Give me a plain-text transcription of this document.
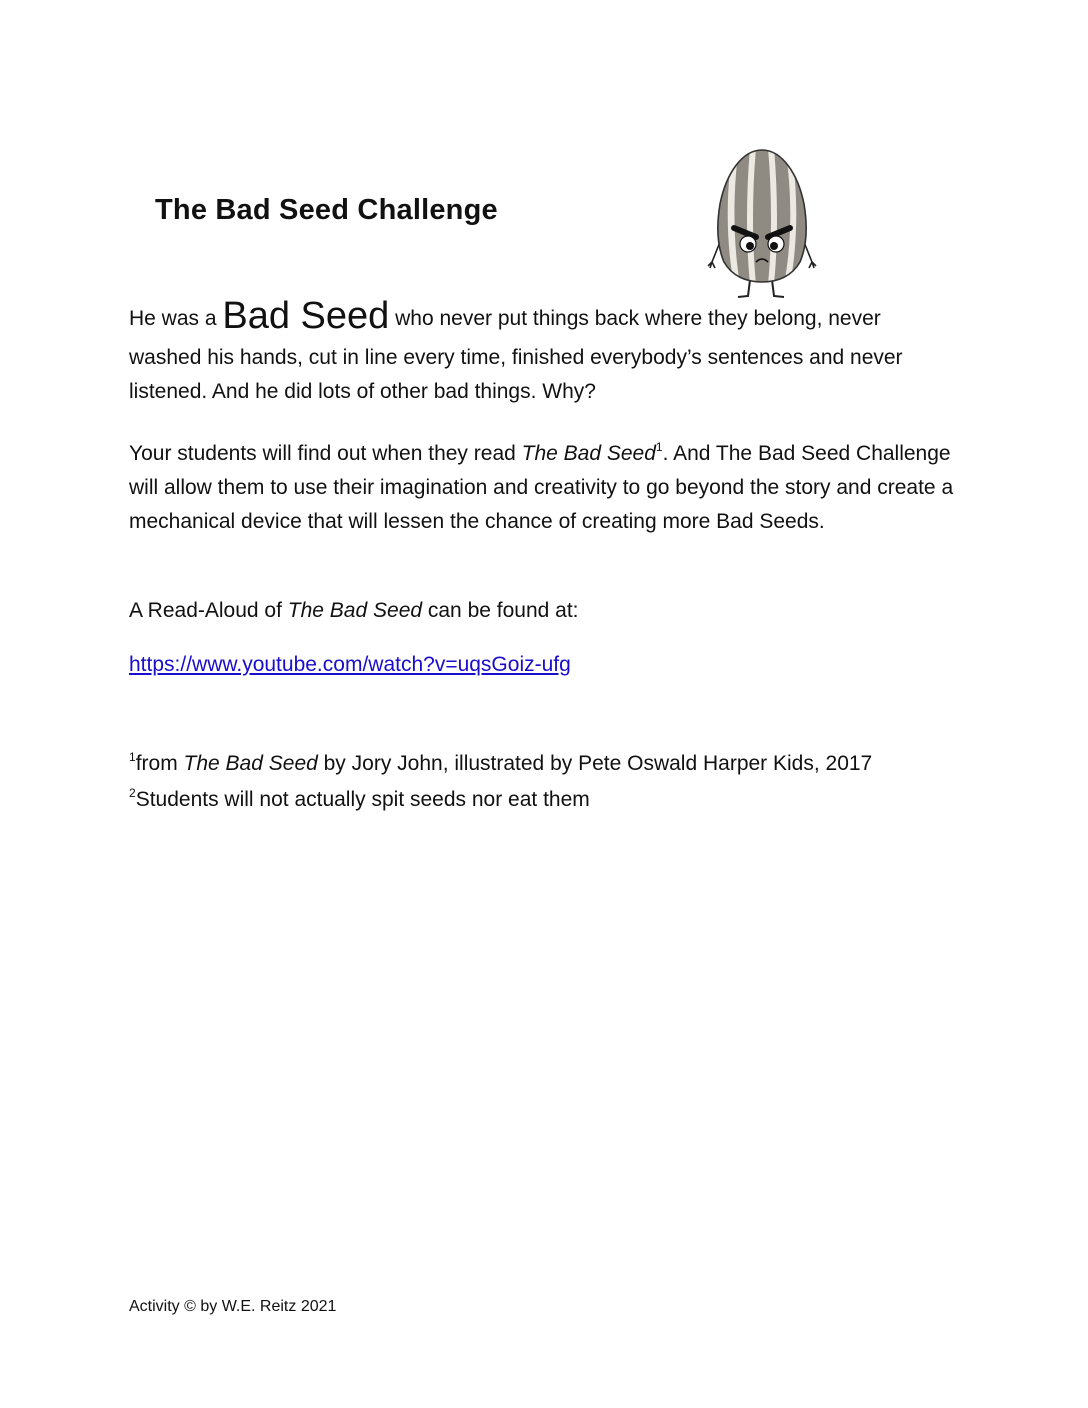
The Bad Seed Challenge

He was a Bad Seed who never put things back where they belong, never
washed his hands, cut in line every time, finished everybody’s sentences and never listened. And he did lots of other bad things. Why?

Your students will find out when they read The Bad Seed$^1$. And The Bad Seed Challenge will allow them to use their imagination and creativity to go beyond the story and create a mechanical device that will lessen the chance of creating more Bad Seeds.

A Read-Aloud of The Bad Seed can be found at:

https://www.youtube.com/watch?v=uqsGoiz-ufg
$^1$from The Bad Seed by Jory John, illustrated by Pete Oswald Harper Kids, 2017
$^2$Students will not actually spit seeds nor eat them
Activity © by W.E. Reitz 2021
